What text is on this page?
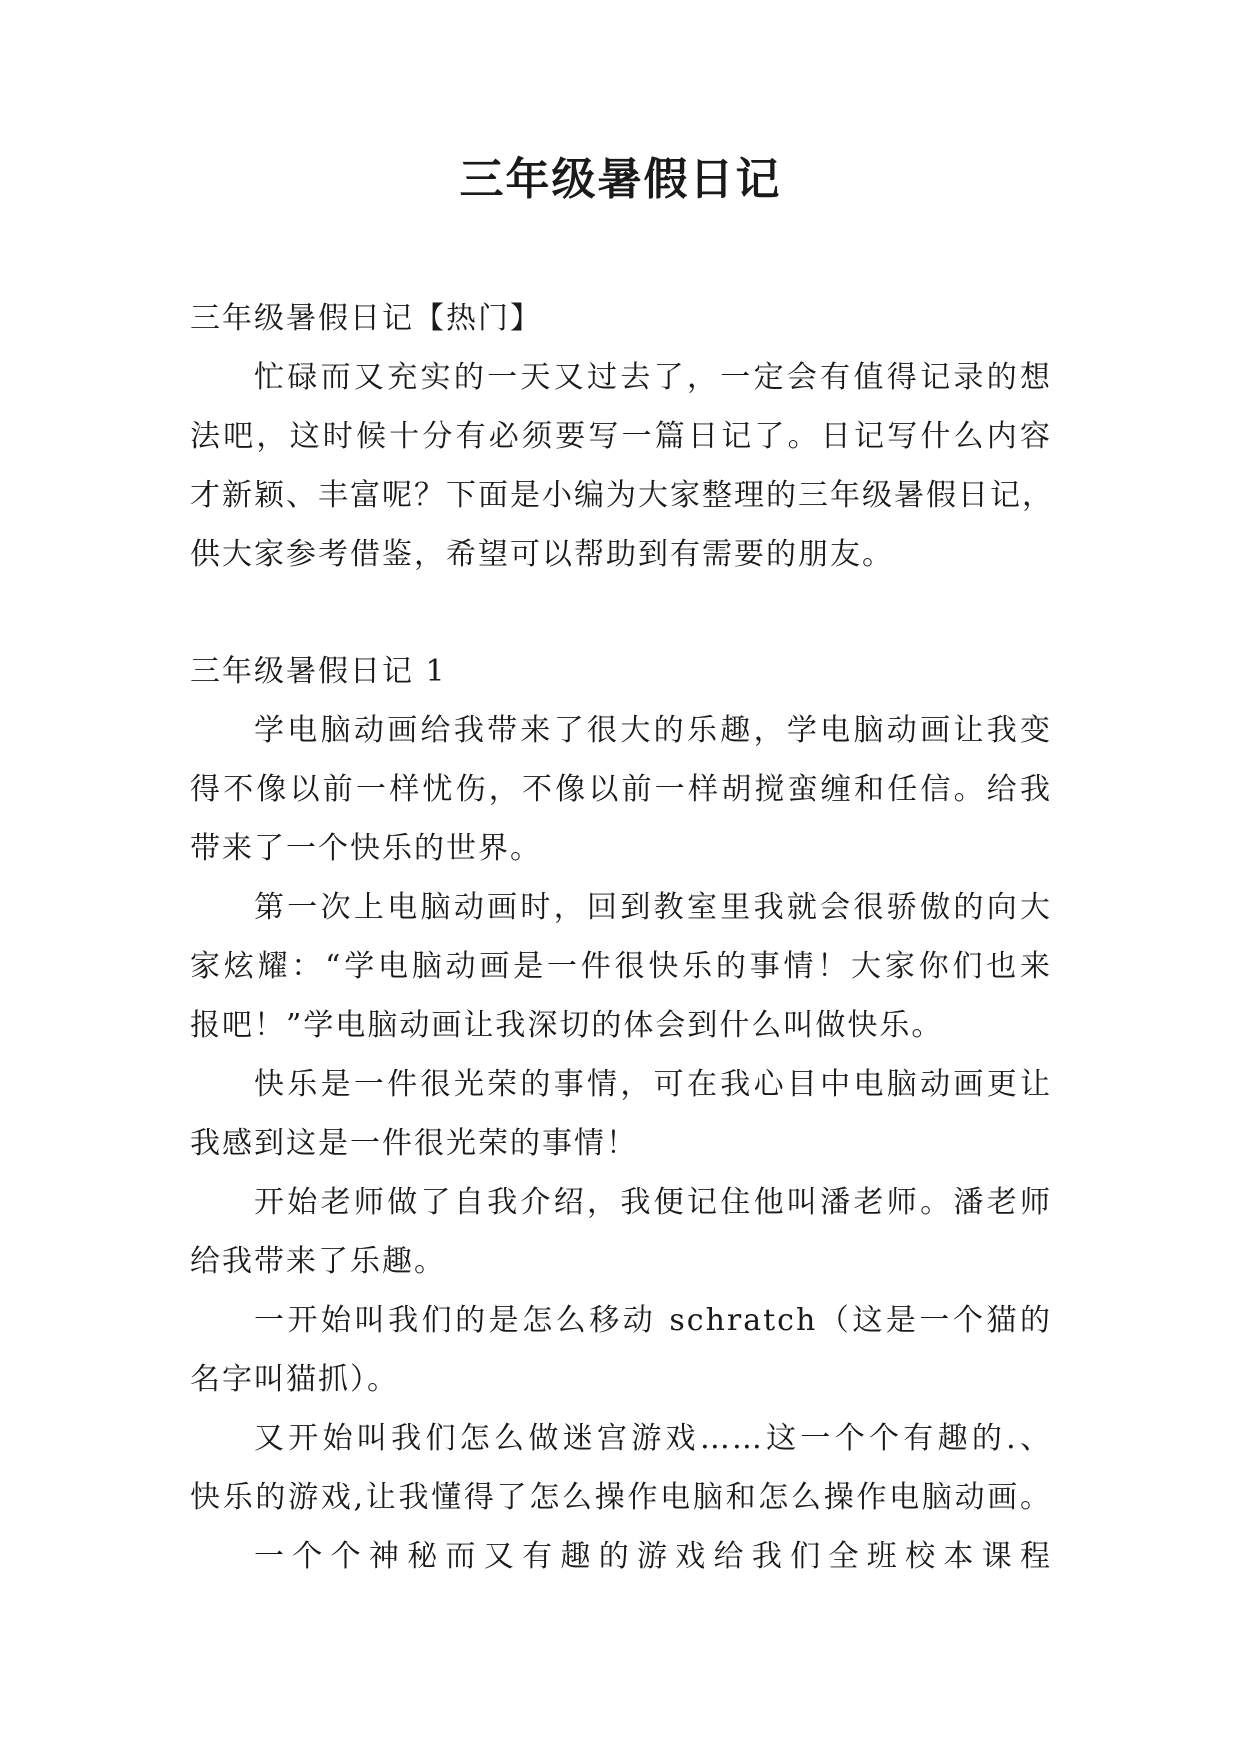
三年级暑假日记
三年级暑假日记【热门】
忙碌而又充实的一天又过去了，一定会有值得记录的想
法吧，这时候十分有必须要写一篇日记了。日记写什么内容
才新颖、丰富呢？下面是小编为大家整理的三年级暑假日记，
供大家参考借鉴，希望可以帮助到有需要的朋友。
三年级暑假日记 1
学电脑动画给我带来了很大的乐趣，学电脑动画让我变
得不像以前一样忧伤，不像以前一样胡搅蛮缠和任信。给我
带来了一个快乐的世界。
第一次上电脑动画时，回到教室里我就会很骄傲的向大
家炫耀：“学电脑动画是一件很快乐的事情！大家你们也来
报吧！”学电脑动画让我深切的体会到什么叫做快乐。
快乐是一件很光荣的事情，可在我心目中电脑动画更让
我感到这是一件很光荣的事情！
开始老师做了自我介绍，我便记住他叫潘老师。潘老师
给我带来了乐趣。
一开始叫我们的是怎么移动 schratch（这是一个猫的
名字叫猫抓）。
又开始叫我们怎么做迷宫游戏……这一个个有趣的.、
快乐的游戏,让我懂得了怎么操作电脑和怎么操作电脑动画。
一个个神秘而又有趣的游戏给我们全班校本课程
